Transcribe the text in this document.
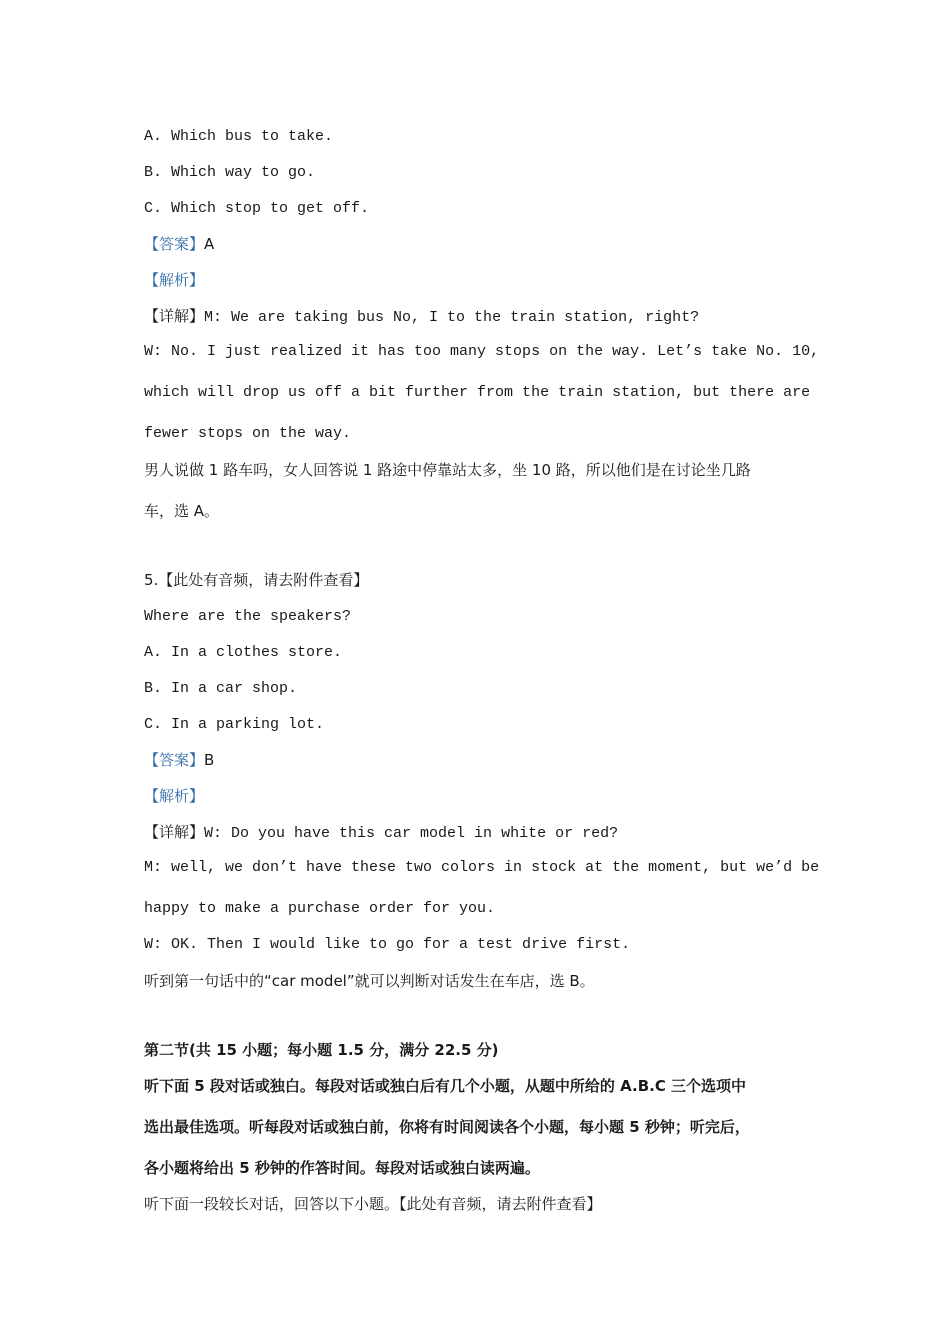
A. Which bus to take.
B. Which way to go.
C. Which stop to get off.
【答案】A
【解析】
【详解】M: We are taking bus No, I to the train station, right?
W: No. I just realized it has too many stops on the way. Let’s take No. 10,
which will drop us off a bit further from the train station, but there are
fewer stops on the way.
男人说做 1 路车吗，女人回答说 1 路途中停靠站太多，坐 10 路，所以他们是在讨论坐几路
车，选 A。
5.【此处有音频，请去附件查看】
Where are the speakers?
A. In a clothes store.
B. In a car shop.
C. In a parking lot.
【答案】B
【解析】
【详解】W: Do you have this car model in white or red?
M: well, we don’t have these two colors in stock at the moment, but we’d be
happy to make a purchase order for you.
W: OK. Then I would like to go for a test drive first.
听到第一句话中的“car model”就可以判断对话发生在车店，选 B。
第二节(共 15 小题；每小题 1.5 分，满分 22.5 分)
听下面 5 段对话或独白。每段对话或独白后有几个小题，从题中所给的 A.B.C 三个选项中
选出最佳选项。听每段对话或独白前，你将有时间阅读各个小题，每小题 5 秒钟；听完后，
各小题将给出 5 秒钟的作答时间。每段对话或独白读两遍。
听下面一段较长对话，回答以下小题。【此处有音频，请去附件查看】
